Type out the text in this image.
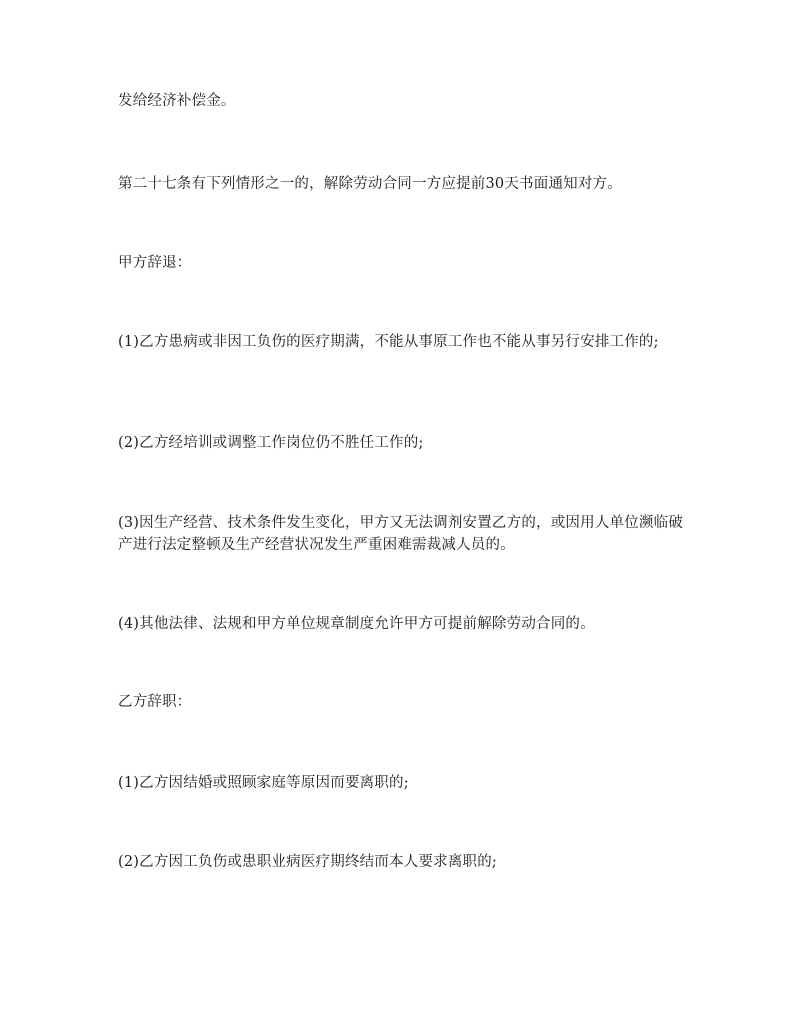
发给经济补偿金。

第二十七条有下列情形之一的，解除劳动合同一方应提前30天书面通知对方。

甲方辞退：

(1)乙方患病或非因工负伤的医疗期满，不能从事原工作也不能从事另行安排工作的;

(2)乙方经培训或调整工作岗位仍不胜任工作的;

(3)因生产经营、技术条件发生变化，甲方又无法调剂安置乙方的，或因用人单位濒临破产进行法定整顿及生产经营状况发生严重困难需裁减人员的。

(4)其他法律、法规和甲方单位规章制度允许甲方可提前解除劳动合同的。

乙方辞职：

(1)乙方因结婚或照顾家庭等原因而要离职的;

(2)乙方因工负伤或患职业病医疗期终结而本人要求离职的;
